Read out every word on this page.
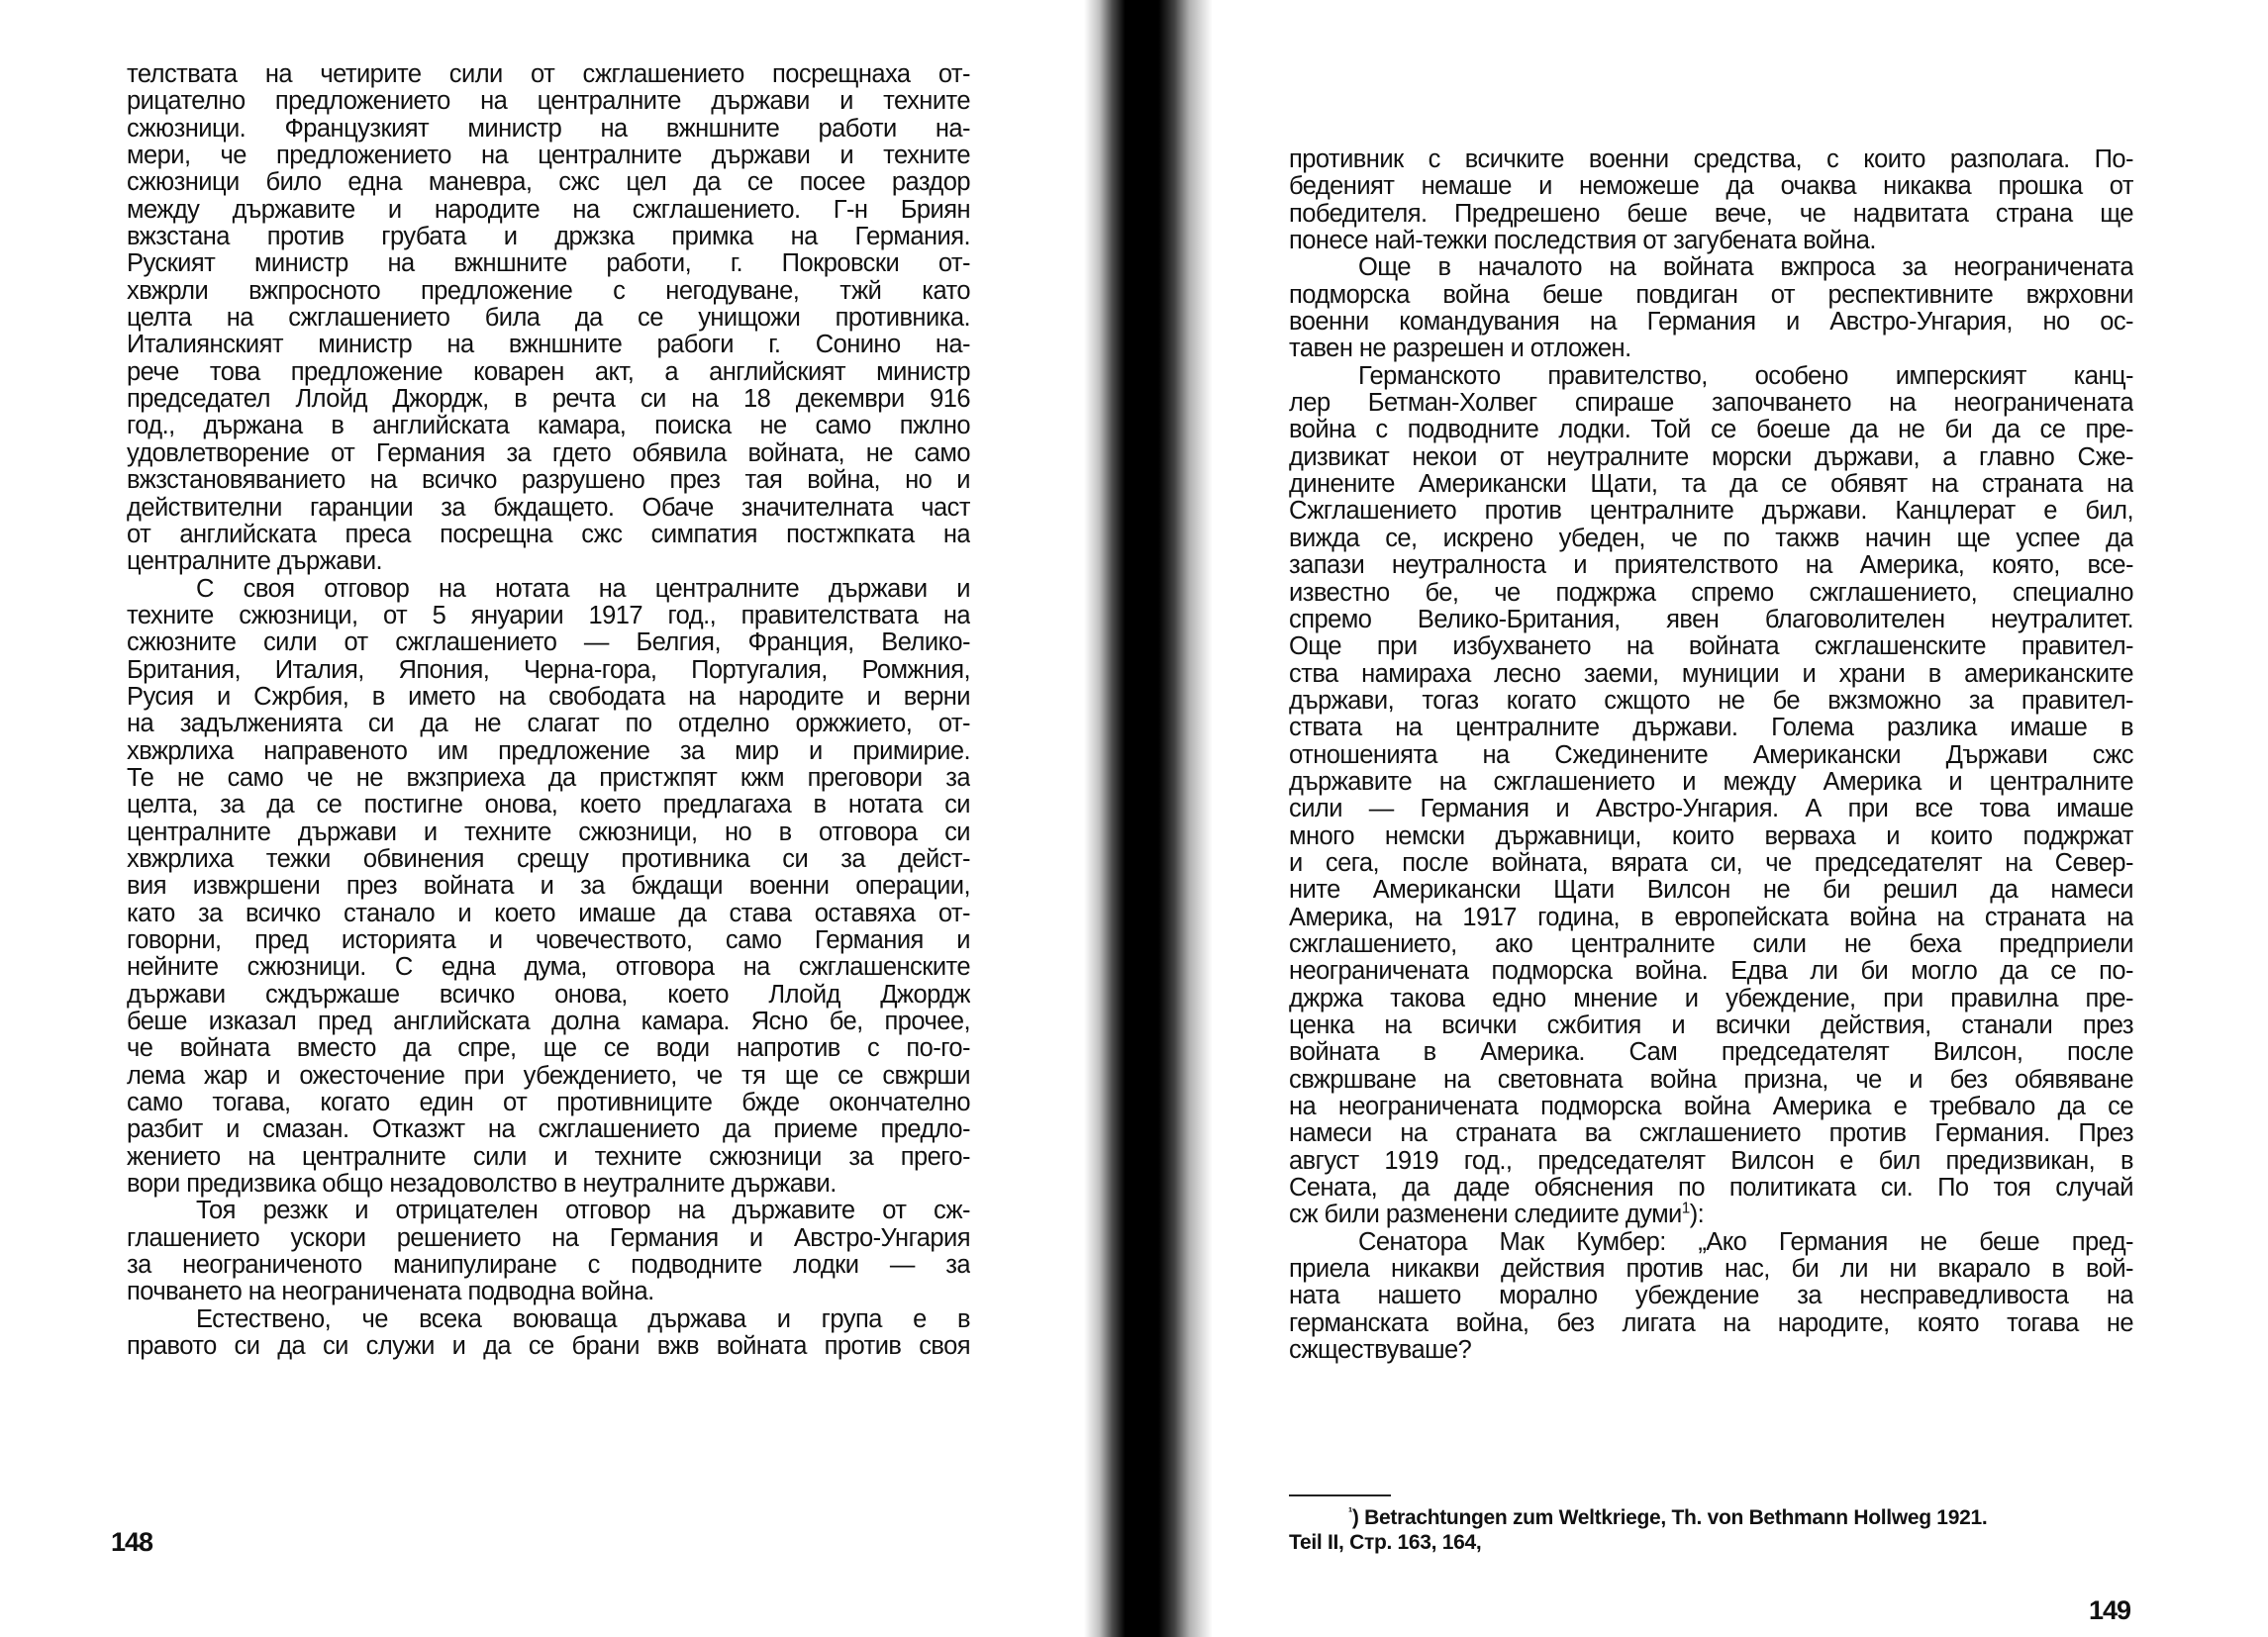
телствата на четирите сили от сжглашението посрещнаха от-
рицателно предложението на централните държави и техните
сжюзници. Французкият министр на вжншните работи на-
мери, че предложението на централните държави и техните
сжюзници било една маневра, сжс цел да се посее раздор
между държавите и народите на сжглашението. Г-н Бриян
вжзстана против грубата и држзка примка на Германия.
Руският министр на вжншните работи, г. Покровски от-
хвжрли вжпросното предложение с негодуване, тжй като
целта на сжглашението била да се унищожи противника.
Италиянският министр на вжншните рабоги г. Сонино на-
рече това предложение коварен акт, а английският министр
председател Ллойд Джордж, в речта си на 18 декември 916
год., държана в английската камара, поиска не само пжлно
удовлетворение от Германия за гдето обявила войната, не само
вжзстановяванието на всичко разрушено през тая война, но и
действителни гаранции за бждащето. Обаче значителната част
от английската преса посрещна сжс симпатия постжпката на
централните държави.
С своя отговор на нотата на централните държави и
техните сжюзници, от 5 януарии 1917 год., правителствата на
сжюзните сили от сжглашението — Белгия, Франция, Велико-
Британия, Италия, Япония, Черна-гора, Португалия, Ромжния,
Русия и Сжрбия, в името на свободата на народите и верни
на задължениятa си да не слагат по отделно оржжието, от-
хвжрлиха направеното им предложение за мир и примирие.
Те не само че не вжзприеха да пристжпят кжм преговори за
целта, за да се постигне онова, което предлагаха в нотата си
централните държави и техните сжюзници, но в отговора си
хвжрлиха тежки обвинения срещу противника си за дейст-
вия извжршени през войната и за бждащи военни операции,
като за всичко станало и което имаше да става оставяха от-
говорни, пред историята и човечеството, само Германия и
нейните сжюзници. С една дума, отговора на сжглашенските
държави сждържаше всичко онова, което Ллойд Джордж
беше изказал пред английската долна камара. Ясно бе, прочее,
че войната вместо да спре, ще се води напротив с по-го-
лема жар и ожесточение при убеждението, че тя ще се свжрши
само тогава, когато един от противниците бжде окончателно
разбит и смазан. Отказжт на сжглашението да приеме предло-
жението на централните сили и техните сжюзници за прего-
вори предизвика общо незадоволство в неутралните държави.
Тоя резжк и отрицателен отговор на държавите от сж-
глашението ускори решението на Германия и Австро-Унгария
за неограниченото манипулиране с подводните лодки — за
почването на неограничената подводна война.
Естествено, че всека воюваща държава и група е в
правото си да си служи и да се брани вжв войната против своя
148
противник с всичките военни средства, с които разполага. По-
беденият немаше и неможеше да очаква никаква прошка от
победителя. Предрешено беше вече, че надвитата страна ще
понесе най-тежки последствия от загубената война.
Още в началото на войната вжпроса за неограничената
подморска война беше повдиган от респективните вжрховни
военни командувания на Германия и Австро-Унгария, но ос-
тавен не разрешен и отложен.
Германското правителство, особено имперският канц-
лер Бетман-Холвег спираше започването на неограничената
война с подводните лодки. Той се боеше да не би да се пре-
дизвикат некои от неутралните морски държави, а главно Сже-
динените Американски Щати, та да се обявят на страната на
Сжглашението против централните държави. Канцлерат е бил,
вижда се, искрено убеден, че по такжв начин ще успее да
запази неутралноста и приятелството на Америка, която, все-
известно бе, че поджржа спремо сжглашението, специално
спремо Велико-Британия, явен благоволителен неутралитет.
Още при избухването на войната сжглашенските правител-
ства намираха лесно заеми, муниции и храни в американските
държави, тогаз когато сжщото не бе вжзможно за правител-
ствата на централните държави. Голема разлика имаше в
отношенията на Сжединените Американски Държави сжс
държавите на сжглашението и между Америка и централните
сили — Германия и Австро-Унгария. А при все това имаше
много немски държавници, които верваха и които поджржат
и сега, после войната, вярата си, че председателят на Север-
ните Американски Щати Вилсон не би решил да намеси
Америка, на 1917 година, в европейската война на страната на
сжглашението, ако централните сили не беха предприели
неограничената подморска война. Едва ли би могло да се по-
джржа такова едно мнение и убеждение, при правилна пре-
ценка на всички сжбития и всички действия, станали през
войната в Америка. Сам председателят Вилсон, после
свжршване на световната война призна, че и без обявяване
на неограничената подморска война Америка е требвало да се
намеси на страната ва сжглашението против Германия. През
август 1919 год., председателят Вилсон е бил предизвикан, в
Сената, да даде обяснения по политиката си. По тоя случай
сж били разменени следиите думи$^1$):
Сенатора Мак Кумбер: „Ако Германия не беше пред-
приела никакви действия против нас, би ли ни вкарало в вой-
ната нашето морално убеждение за несправедливоста на
германската война, без лигата на народите, която тогава не
сжществуваше?
$^{^1}$) Betrachtungen zum Weltkriege, Th. von Bethmann Hollweg 1921.
Teil II, Стр. 163, 164,
149
